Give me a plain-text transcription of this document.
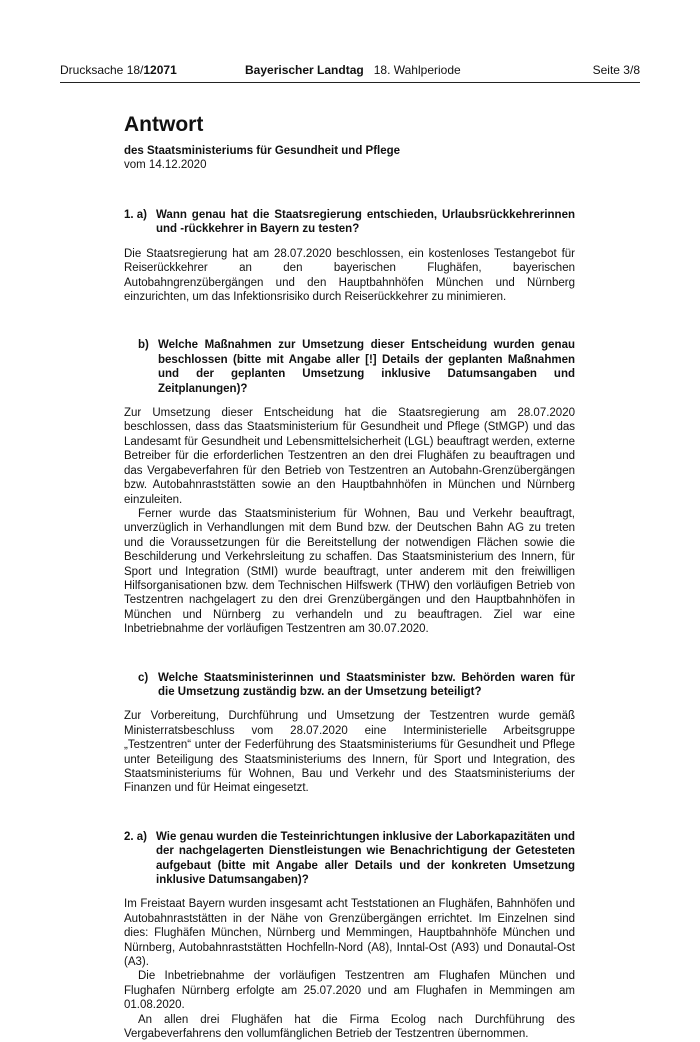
Drucksache 18/12071	Bayerischer Landtag 18. Wahlperiode	Seite 3/8
Antwort
des Staatsministeriums für Gesundheit und Pflege
vom 14.12.2020
1. a) Wann genau hat die Staatsregierung entschieden, Urlaubsrückkehrerinnen und -rückkehrer in Bayern zu testen?

Die Staatsregierung hat am 28.07.2020 beschlossen, ein kostenloses Testangebot für Reiserückkehrer an den bayerischen Flughäfen, bayerischen Autobahngrenzübergängen und den Hauptbahnhöfen München und Nürnberg einzurichten, um das Infektionsrisiko durch Reiserückkehrer zu minimieren.

b) Welche Maßnahmen zur Umsetzung dieser Entscheidung wurden genau beschlossen (bitte mit Angabe aller [!] Details der geplanten Maßnahmen und der geplanten Umsetzung inklusive Datumsangaben und Zeitplanungen)?

Zur Umsetzung dieser Entscheidung hat die Staatsregierung am 28.07.2020 beschlossen, dass das Staatsministerium für Gesundheit und Pflege (StMGP) und das Landesamt für Gesundheit und Lebensmittelsicherheit (LGL) beauftragt werden, externe Betreiber für die erforderlichen Testzentren an den drei Flughäfen zu beauftragen und das Vergabeverfahren für den Betrieb von Testzentren an Autobahn-Grenzübergängen bzw. Autobahnraststätten sowie an den Hauptbahnhöfen in München und Nürnberg einzuleiten.

Ferner wurde das Staatsministerium für Wohnen, Bau und Verkehr beauftragt, unverzüglich in Verhandlungen mit dem Bund bzw. der Deutschen Bahn AG zu treten und die Voraussetzungen für die Bereitstellung der notwendigen Flächen sowie die Beschilderung und Verkehrsleitung zu schaffen. Das Staatsministerium des Innern, für Sport und Integration (StMI) wurde beauftragt, unter anderem mit den freiwilligen Hilfsorganisationen bzw. dem Technischen Hilfswerk (THW) den vorläufigen Betrieb von Testzentren nachgelagert zu den drei Grenzübergängen und den Hauptbahnhöfen in München und Nürnberg zu verhandeln und zu beauftragen. Ziel war eine Inbetriebnahme der vorläufigen Testzentren am 30.07.2020.

c) Welche Staatsministerinnen und Staatsminister bzw. Behörden waren für die Umsetzung zuständig bzw. an der Umsetzung beteiligt?

Zur Vorbereitung, Durchführung und Umsetzung der Testzentren wurde gemäß Ministerratsbeschluss vom 28.07.2020 eine Interministerielle Arbeitsgruppe „Testzentren“ unter der Federführung des Staatsministeriums für Gesundheit und Pflege unter Beteiligung des Staatsministeriums des Innern, für Sport und Integration, des Staatsministeriums für Wohnen, Bau und Verkehr und des Staatsministeriums der Finanzen und für Heimat eingesetzt.

2. a) Wie genau wurden die Testeinrichtungen inklusive der Laborkapazitäten und der nachgelagerten Dienstleistungen wie Benachrichtigung der Getesteten aufgebaut (bitte mit Angabe aller Details und der konkreten Umsetzung inklusive Datumsangaben)?

Im Freistaat Bayern wurden insgesamt acht Teststationen an Flughäfen, Bahnhöfen und Autobahnraststätten in der Nähe von Grenzübergängen errichtet. Im Einzelnen sind dies: Flughäfen München, Nürnberg und Memmingen, Hauptbahnhöfe München und Nürnberg, Autobahnraststätten Hochfelln-Nord (A8), Inntal-Ost (A93) und Donautal-Ost (A3).

Die Inbetriebnahme der vorläufigen Testzentren am Flughafen München und Flughafen Nürnberg erfolgte am 25.07.2020 und am Flughafen in Memmingen am 01.08.2020.

An allen drei Flughäfen hat die Firma Ecolog nach Durchführung des Vergabeverfahrens den vollumfänglichen Betrieb der Testzentren übernommen.
